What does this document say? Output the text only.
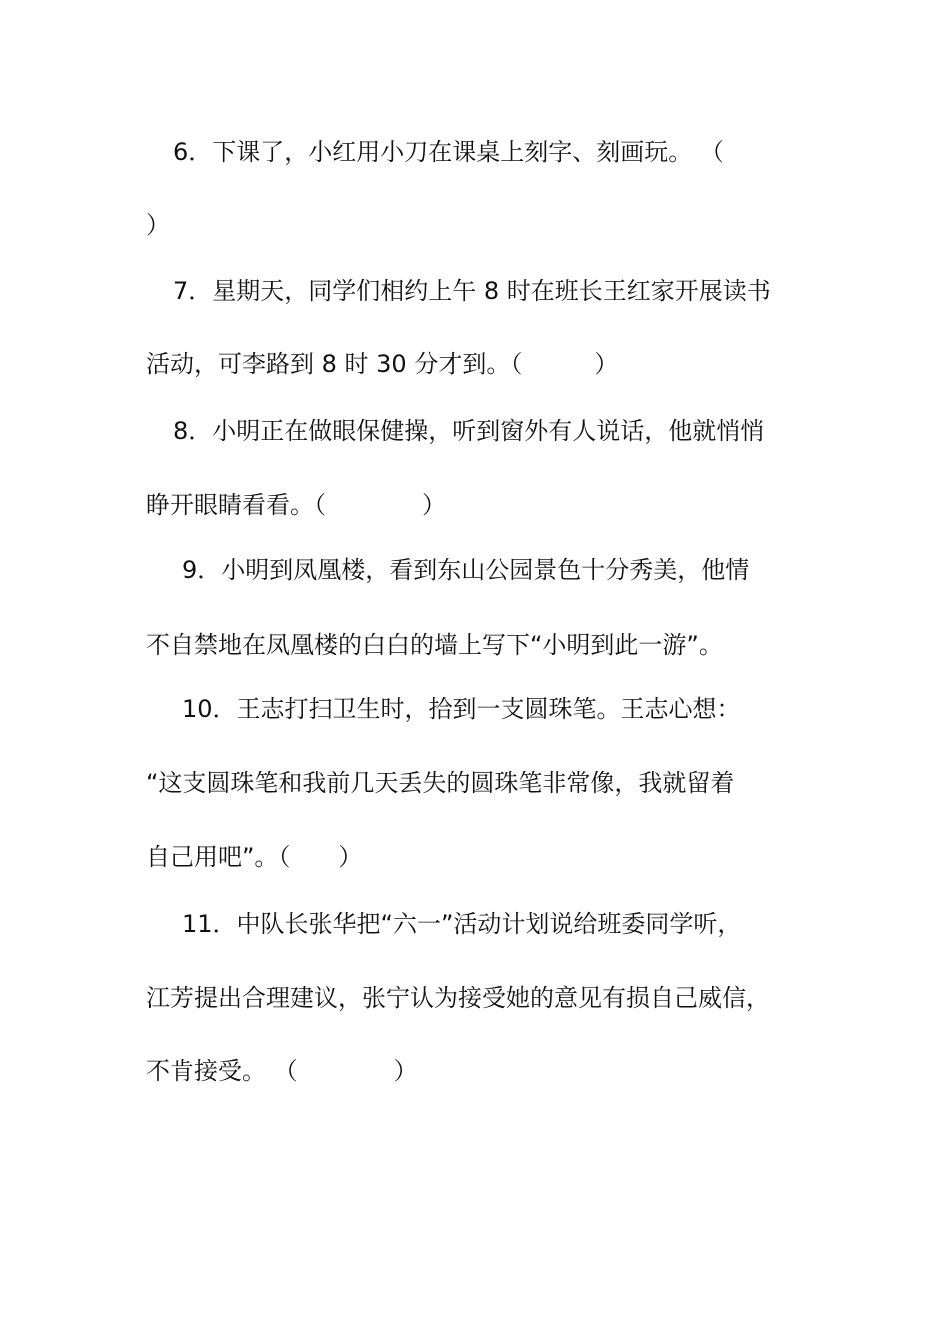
6．下课了，小红用小刀在课桌上刻字、刻画玩。 （
）
7．星期天，同学们相约上午 8 时在班长王红家开展读书
活动，可李路到 8 时 30 分才到。（　　　）
8．小明正在做眼保健操，听到窗外有人说话，他就悄悄
睁开眼睛看看。（　　　　）
9．小明到凤凰楼，看到东山公园景色十分秀美，他情
不自禁地在凤凰楼的白白的墙上写下“小明到此一游”。
10．王志打扫卫生时，拾到一支圆珠笔。王志心想：
“这支圆珠笔和我前几天丢失的圆珠笔非常像，我就留着
自己用吧”。（　　）
11．中队长张华把“六一”活动计划说给班委同学听，
江芳提出合理建议，张宁认为接受她的意见有损自己威信，
不肯接受。 （　　　　）
